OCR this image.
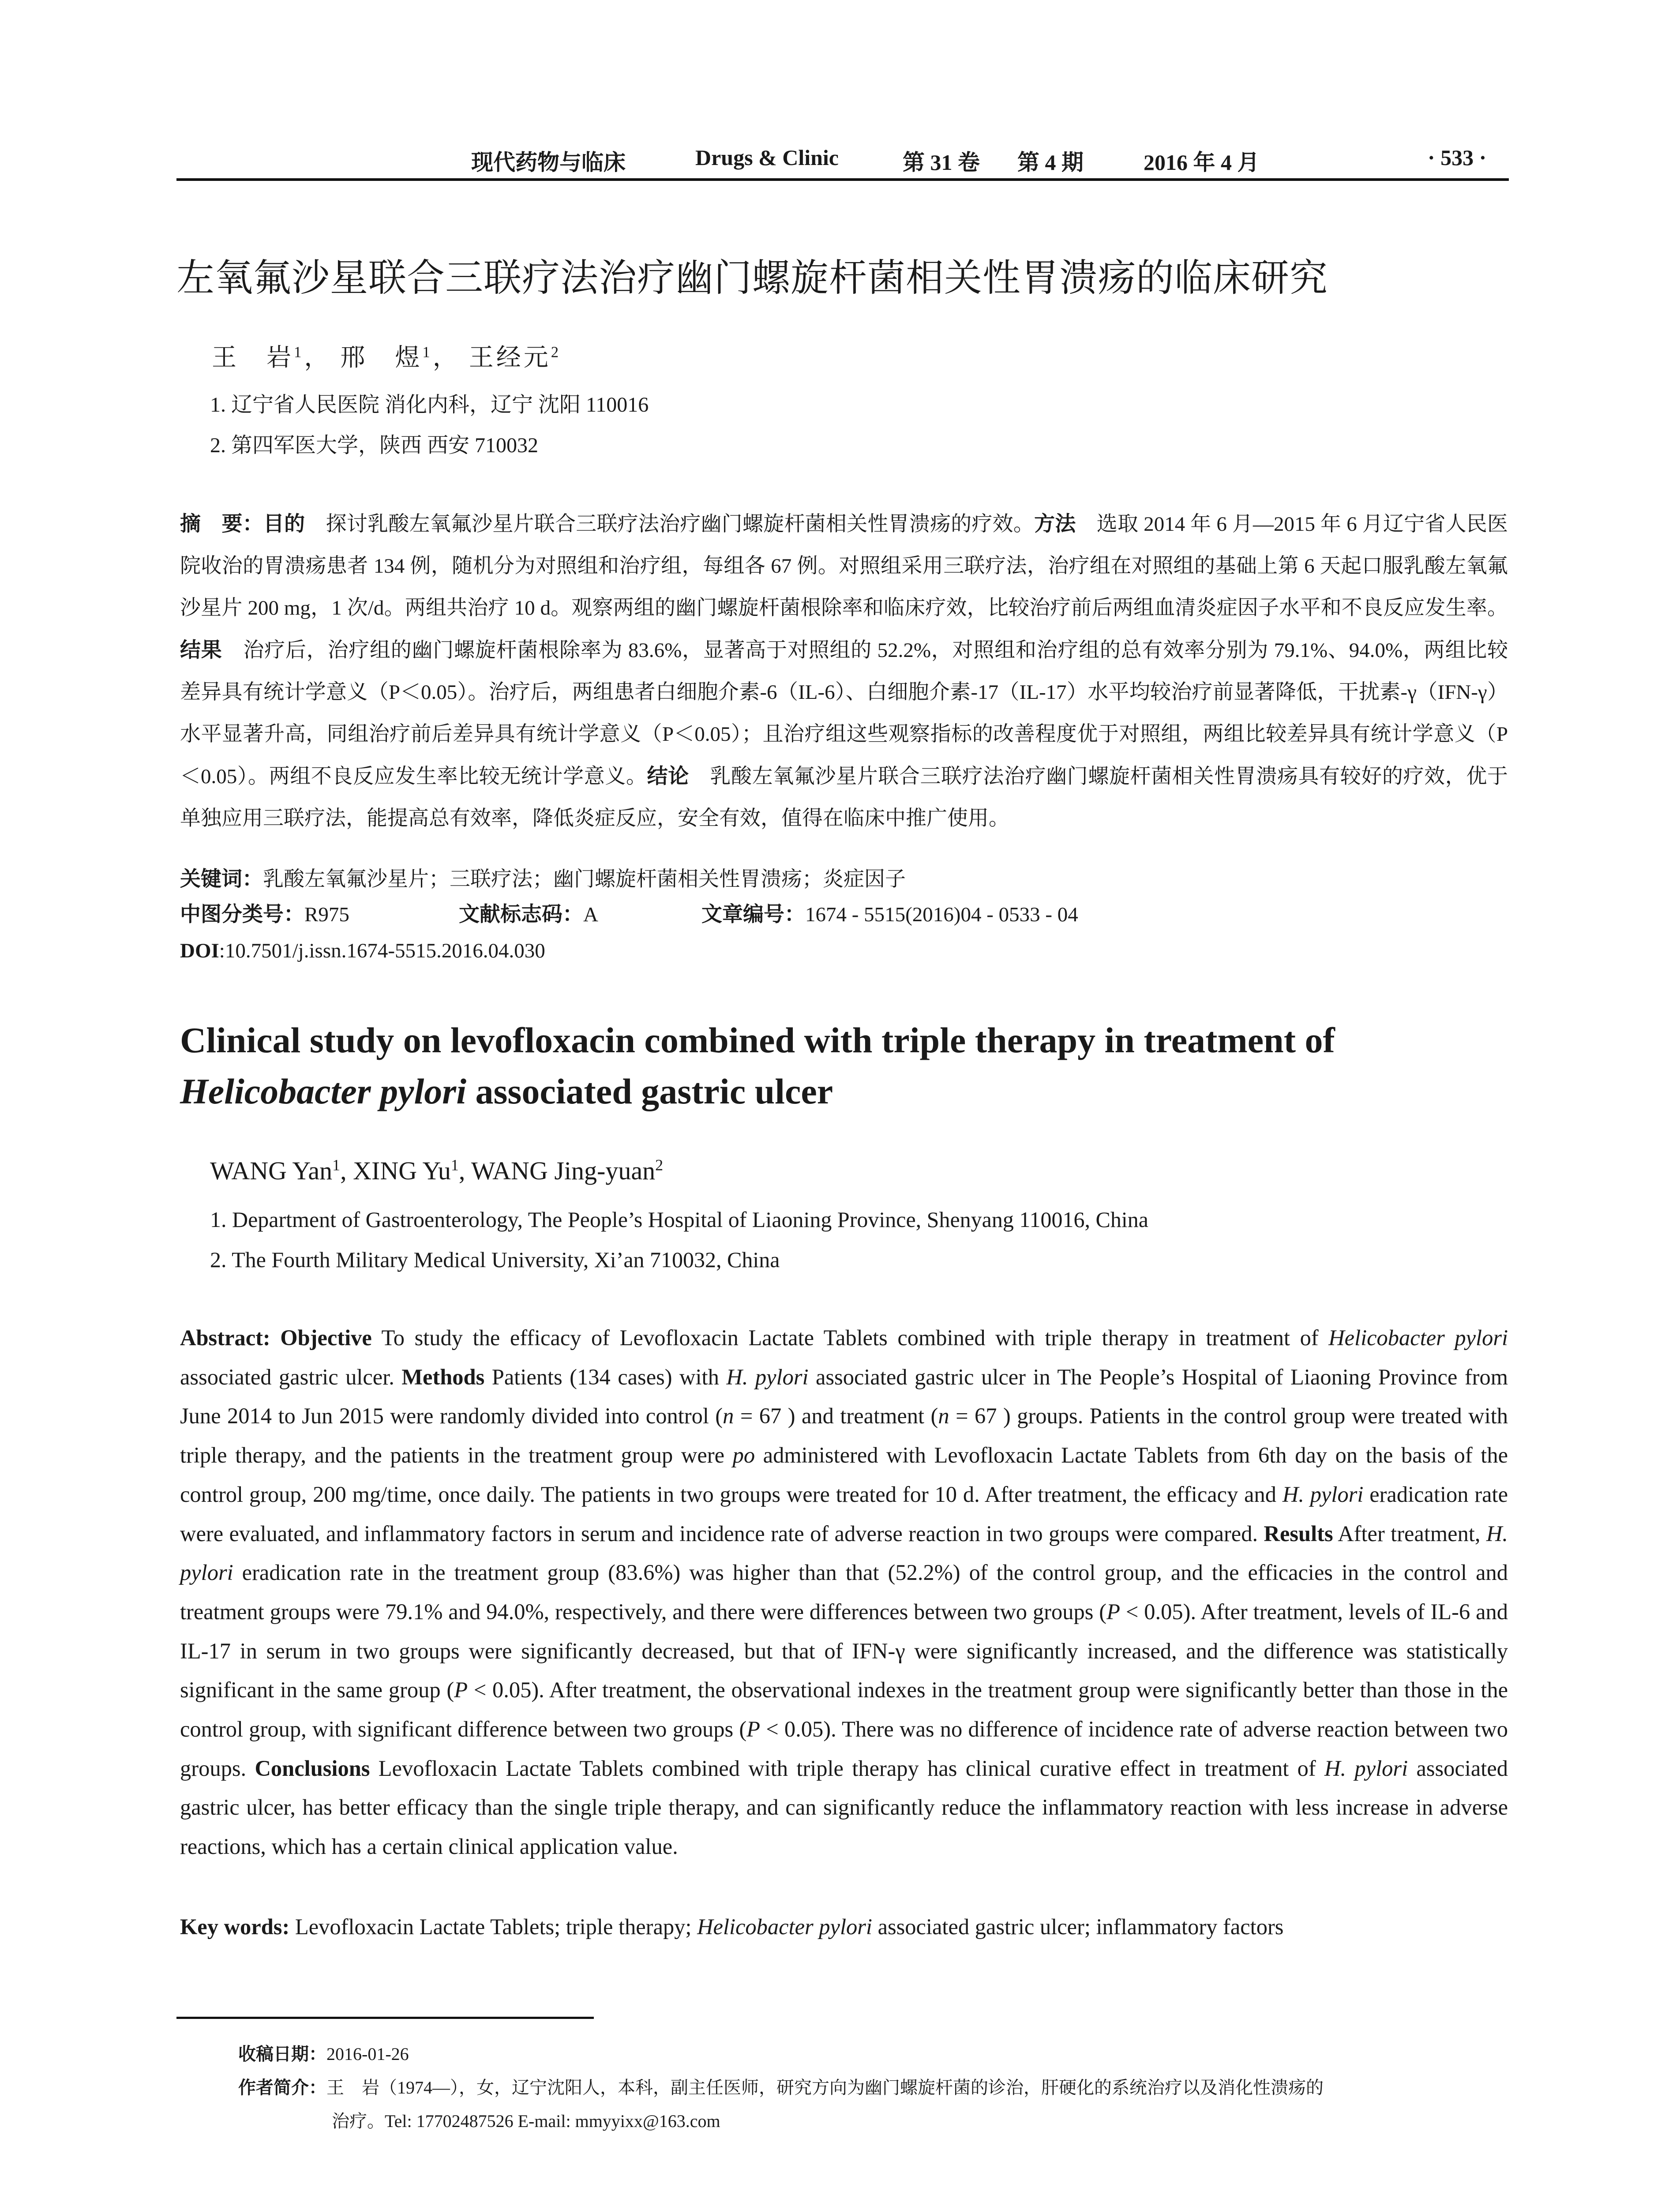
现代药物与临床	Drugs & Clinic	第 31 卷 第 4 期	2016 年 4 月	· 533 ·
左氧氟沙星联合三联疗法治疗幽门螺旋杆菌相关性胃溃疡的临床研究
王　岩$^1$， 邢　煜$^1$， 王经元$^2$
1. 辽宁省人民医院 消化内科，辽宁 沈阳 110016
2. 第四军医大学，陕西 西安 710032
摘　要：目的　探讨乳酸左氧氟沙星片联合三联疗法治疗幽门螺旋杆菌相关性胃溃疡的疗效。方法　选取 2014 年 6 月—2015 年 6 月辽宁省人民医院收治的胃溃疡患者 134 例，随机分为对照组和治疗组，每组各 67 例。对照组采用三联疗法，治疗组在对照组的基础上第 6 天起口服乳酸左氧氟沙星片 200 mg，1 次/d。两组共治疗 10 d。观察两组的幽门螺旋杆菌根除率和临床疗效，比较治疗前后两组血清炎症因子水平和不良反应发生率。结果　治疗后，治疗组的幽门螺旋杆菌根除率为 83.6%，显著高于对照组的 52.2%，对照组和治疗组的总有效率分别为 79.1%、94.0%，两组比较差异具有统计学意义（P＜0.05）。治疗后，两组患者白细胞介素-6（IL-6）、白细胞介素-17（IL-17）水平均较治疗前显著降低，干扰素-γ（IFN-γ）水平显著升高，同组治疗前后差异具有统计学意义（P＜0.05）；且治疗组这些观察指标的改善程度优于对照组，两组比较差异具有统计学意义（P＜0.05）。两组不良反应发生率比较无统计学意义。结论　乳酸左氧氟沙星片联合三联疗法治疗幽门螺旋杆菌相关性胃溃疡具有较好的疗效，优于单独应用三联疗法，能提高总有效率，降低炎症反应，安全有效，值得在临床中推广使用。
关键词：乳酸左氧氟沙星片；三联疗法；幽门螺旋杆菌相关性胃溃疡；炎症因子
中图分类号：R975	文献标志码：A	文章编号：1674 - 5515(2016)04 - 0533 - 04
DOI:10.7501/j.issn.1674-5515.2016.04.030
Clinical study on levofloxacin combined with triple therapy in treatment of
Helicobacter pylori associated gastric ulcer
WANG Yan$^1$, XING Yu$^1$, WANG Jing-yuan$^2$
1. Department of Gastroenterology, The People’s Hospital of Liaoning Province, Shenyang 110016, China
2. The Fourth Military Medical University, Xi’an 710032, China
Abstract: Objective To study the efficacy of Levofloxacin Lactate Tablets combined with triple therapy in treatment of Helicobacter pylori associated gastric ulcer. Methods Patients (134 cases) with H. pylori associated gastric ulcer in The People’s Hospital of Liaoning Province from June 2014 to Jun 2015 were randomly divided into control (n = 67 ) and treatment (n = 67 ) groups. Patients in the control group were treated with triple therapy, and the patients in the treatment group were po administered with Levofloxacin Lactate Tablets from 6th day on the basis of the control group, 200 mg/time, once daily. The patients in two groups were treated for 10 d. After treatment, the efficacy and H. pylori eradication rate were evaluated, and inflammatory factors in serum and incidence rate of adverse reaction in two groups were compared. Results After treatment, H. pylori eradication rate in the treatment group (83.6%) was higher than that (52.2%) of the control group, and the efficacies in the control and treatment groups were 79.1% and 94.0%, respectively, and there were differences between two groups (P < 0.05). After treatment, levels of IL-6 and IL-17 in serum in two groups were significantly decreased, but that of IFN-γ were significantly increased, and the difference was statistically significant in the same group (P < 0.05). After treatment, the observational indexes in the treatment group were significantly better than those in the control group, with significant difference between two groups (P < 0.05). There was no difference of incidence rate of adverse reaction between two groups. Conclusions Levofloxacin Lactate Tablets combined with triple therapy has clinical curative effect in treatment of H. pylori associated gastric ulcer, has better efficacy than the single triple therapy, and can significantly reduce the inflammatory reaction with less increase in adverse reactions, which has a certain clinical application value.
Key words: Levofloxacin Lactate Tablets; triple therapy; Helicobacter pylori associated gastric ulcer; inflammatory factors
收稿日期：2016-01-26
作者简介：王　岩（1974—），女，辽宁沈阳人，本科，副主任医师，研究方向为幽门螺旋杆菌的诊治，肝硬化的系统治疗以及消化性溃疡的
治疗。Tel: 17702487526 E-mail: mmyyixx@163.com
